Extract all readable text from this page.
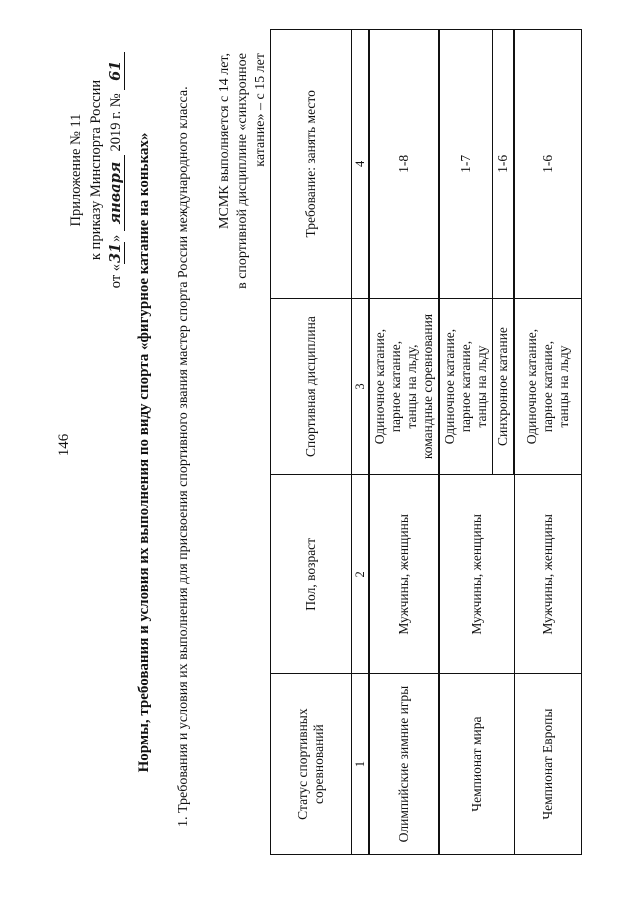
146
Приложение № 11 к приказу Минспорта России
от «31» января 2019 г. № 61
Нормы, требования и условия их выполнения по виду спорта «фигурное катание на коньках» 1. Требования и условия их выполнения для присвоения спортивного звания мастер спорта России международного класса. МСМК выполняется с 14 лет, в спортивной дисциплине «синхронное катание» – с 15 лет
Статус спортивных соревнований	Пол, возраст	Спортивная дисциплина	Требование: занять место
1	2	3	4
Олимпийские зимние игры	Мужчины, женщины	Одиночное катание,
парное катание,
танцы на льду,
командные соревнования	1-8
Чемпионат мира	Мужчины, женщины	Одиночное катание,
парное катание,
танцы на льду	1-7
		Синхронное катание	1-6
Чемпионат Европы	Мужчины, женщины	Одиночное катание,
парное катание,
танцы на льду	1-6
